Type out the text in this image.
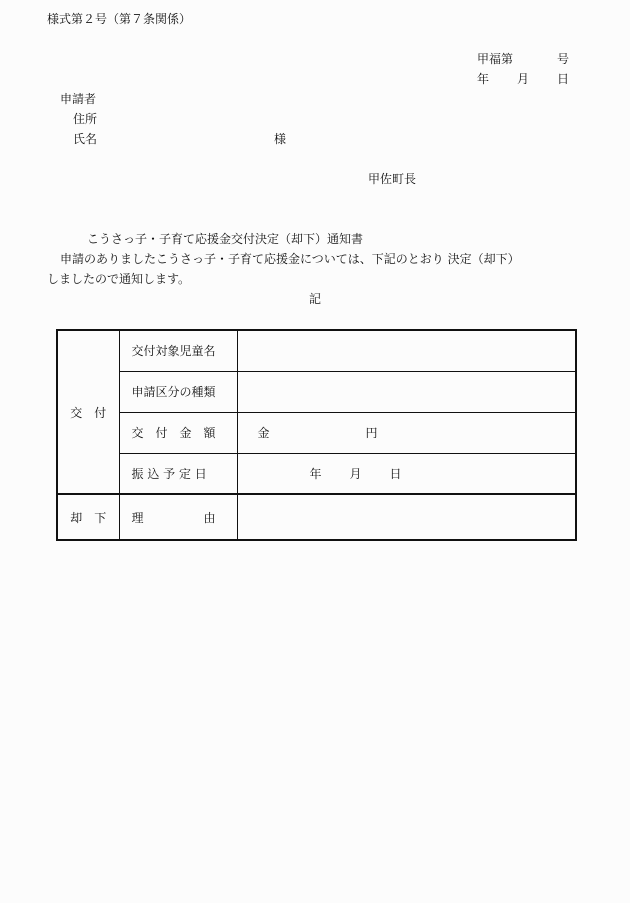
様式第２号（第７条関係）
甲福第	号
年 月 日
申請者
住所
氏名	様
甲佐町長
こうさっ子・子育て応援金交付決定（却下）通知書
申請のありましたこうさっ子・子育て応援金については、下記のとおり 決定（却下）
しましたので通知します。
記
交　付	交付対象児童名	
	申請区分の種類	
	交　付　金　額	金 円
	振 込 予 定 日	年 月 日
却　下	理　　　　　由	
